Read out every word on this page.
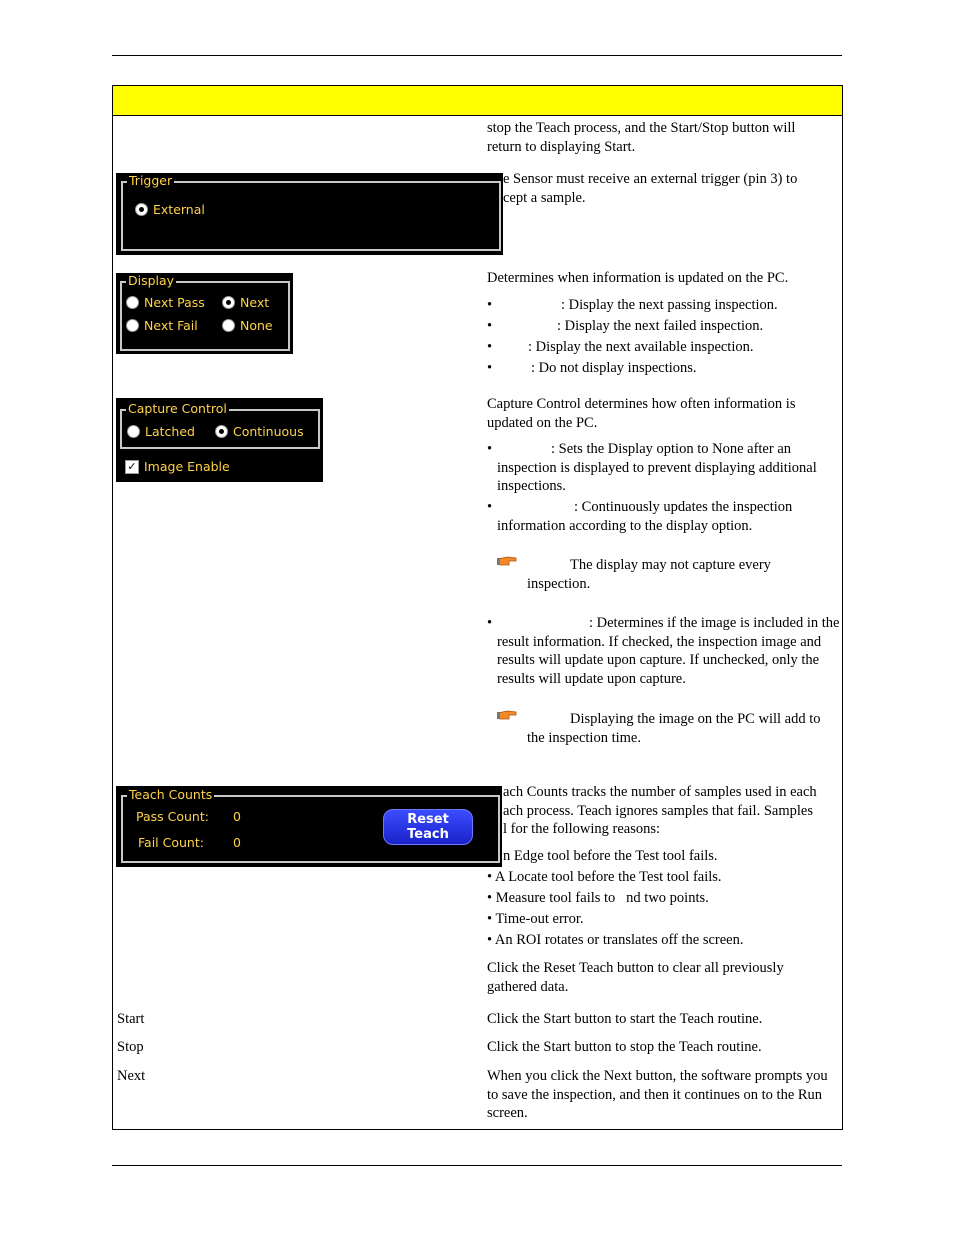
stop the Teach process, and the Start/Stop button will return to displaying Start.
Trigger
External
e Sensor must receive an external trigger (pin 3) to
cept a sample.
Display
Next Pass	Next
Next Fail	None
Determines when information is updated on the PC.
•	: Display the next passing inspection.
•	: Display the next failed inspection.
• : Display the next available inspection.
•	: Do not display inspections.
Capture Control
Latched	Continuous
✓ Image Enable
Capture Control determines how often information is updated on the PC.
•	: Sets the Display option to None after an inspection is displayed to prevent displaying additional inspections.
•	: Continuously updates the inspection information according to the display option.
The display may not capture every inspection.
•	: Determines if the image is included in the result information. If checked, the inspection image and results will update upon capture. If unchecked, only the results will update upon capture.
Displaying the image on the PC will add to the inspection time.
Teach Counts
Pass Count: 0
Fail Count: 0
Reset
Teach
ach Counts tracks the number of samples used in each
ach process. Teach ignores samples that fail. Samples
l for the following reasons:
n Edge tool before the Test tool fails.
• A Locate tool before the Test tool fails.
• Measure tool fails to   nd two points.
• Time-out error.
• An ROI rotates or translates off the screen.
Click the Reset Teach button to clear all previously gathered data.
Start	Click the Start button to start the Teach routine.
Stop	Click the Start button to stop the Teach routine.
Next	When you click the Next button, the software prompts you to save the inspection, and then it continues on to the Run screen.
